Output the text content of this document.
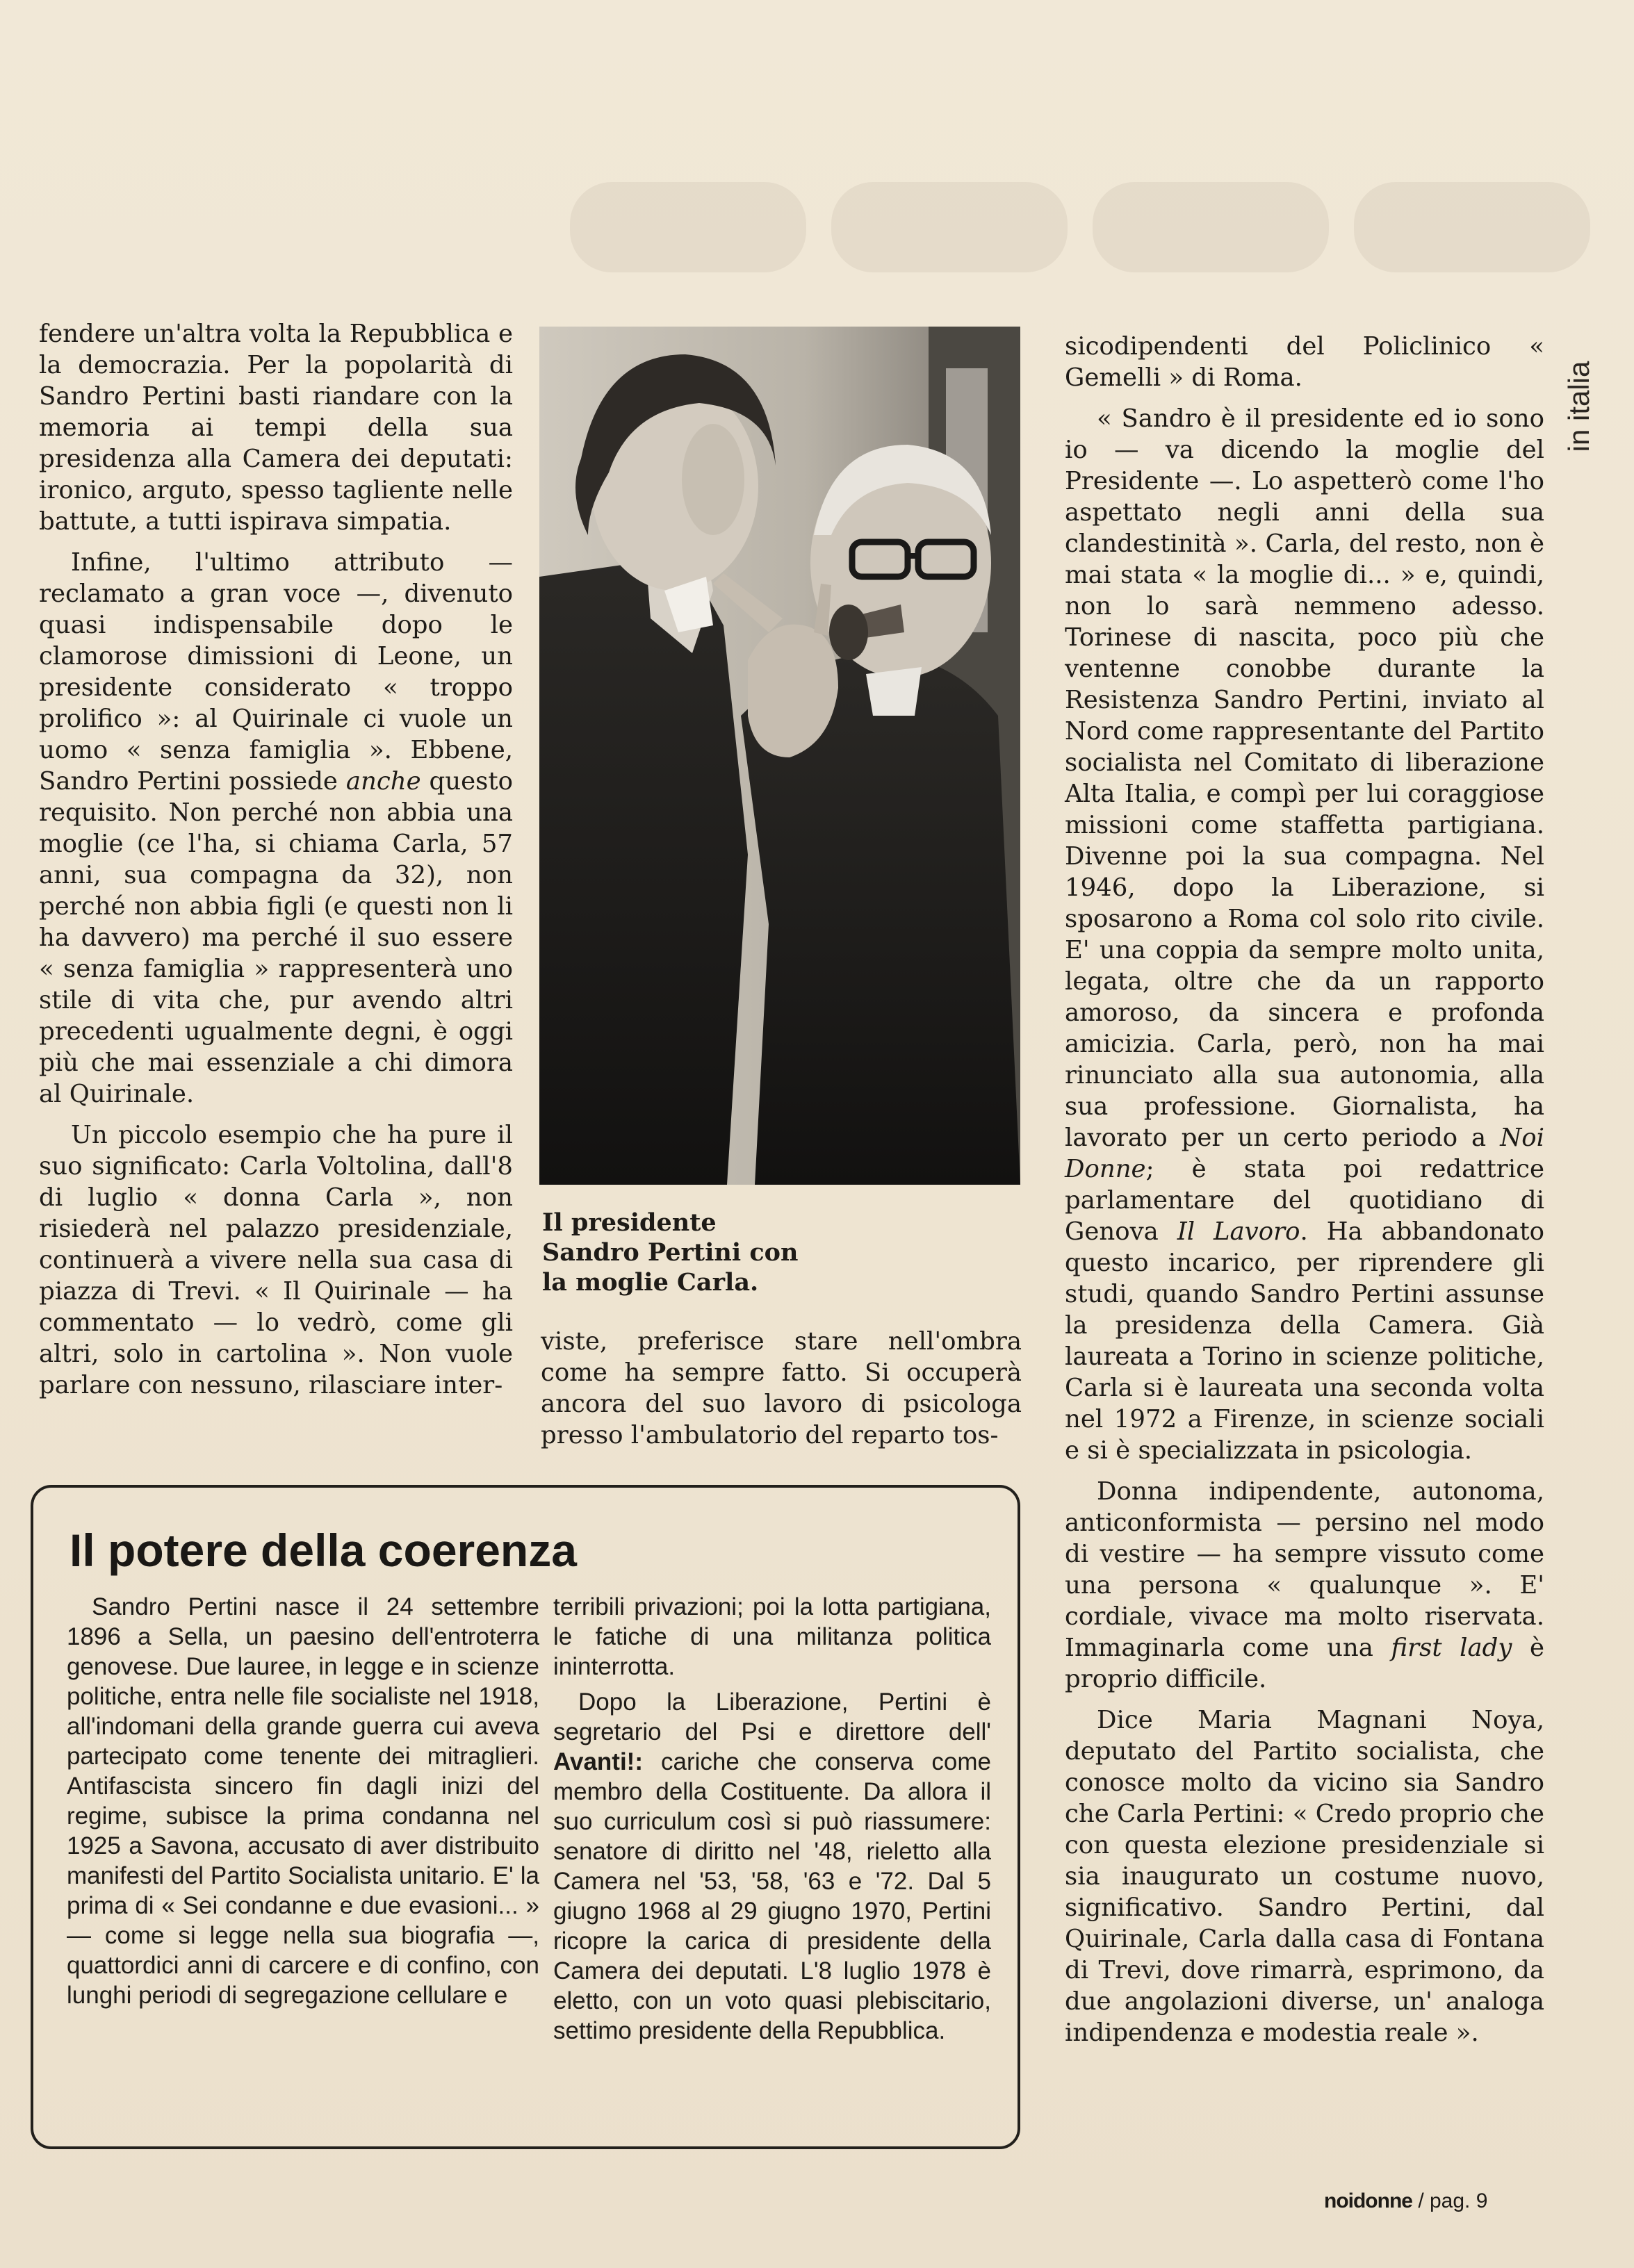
in italia

fendere un'altra volta la Repubblica e la democrazia. Per la popolarità di Sandro Pertini basti riandare con la memoria ai tempi della sua presidenza alla Camera dei deputati: ironico, arguto, spesso tagliente nelle battute, a tutti ispirava simpatia.

Infine, l'ultimo attributo — reclamato a gran voce —, divenuto quasi indispensabile dopo le clamorose dimissioni di Leone, un presidente considerato « troppo prolifico »: al Quirinale ci vuole un uomo « senza famiglia ». Ebbene, Sandro Pertini possiede anche questo requisito. Non perché non abbia una moglie (ce l'ha, si chiama Carla, 57 anni, sua compagna da 32), non perché non abbia figli (e questi non li ha davvero) ma perché il suo essere « senza famiglia » rappresenterà uno stile di vita che, pur avendo altri precedenti ugualmente degni, è oggi più che mai essenziale a chi dimora al Quirinale.

Un piccolo esempio che ha pure il suo significato: Carla Voltolina, dall'8 di luglio « donna Carla », non risiederà nel palazzo presidenziale, continuerà a vivere nella sua casa di piazza di Trevi. « Il Quirinale — ha commentato — lo vedrò, come gli altri, solo in cartolina ». Non vuole parlare con nessuno, rilasciare inter-

Il presidente
Sandro Pertini con
la moglie Carla.

viste, preferisce stare nell'ombra come ha sempre fatto. Si occuperà ancora del suo lavoro di psicologa presso l'ambulatorio del reparto tos-

sicodipendenti del Policlinico « Gemelli » di Roma.

« Sandro è il presidente ed io sono io — va dicendo la moglie del Presidente —. Lo aspetterò come l'ho aspettato negli anni della sua clandestinità ». Carla, del resto, non è mai stata « la moglie di... » e, quindi, non lo sarà nemmeno adesso. Torinese di nascita, poco più che ventenne conobbe durante la Resistenza Sandro Pertini, inviato al Nord come rappresentante del Partito socialista nel Comitato di liberazione Alta Italia, e compì per lui coraggiose missioni come staffetta partigiana. Divenne poi la sua compagna. Nel 1946, dopo la Liberazione, si sposarono a Roma col solo rito civile. E' una coppia da sempre molto unita, legata, oltre che da un rapporto amoroso, da sincera e profonda amicizia. Carla, però, non ha mai rinunciato alla sua autonomia, alla sua professione. Giornalista, ha lavorato per un certo periodo a Noi Donne; è stata poi redattrice parlamentare del quotidiano di Genova Il Lavoro. Ha abbandonato questo incarico, per riprendere gli studi, quando Sandro Pertini assunse la presidenza della Camera. Già laureata a Torino in scienze politiche, Carla si è laureata una seconda volta nel 1972 a Firenze, in scienze sociali e si è specializzata in psicologia.

Donna indipendente, autonoma, anticonformista — persino nel modo di vestire — ha sempre vissuto come una persona « qualunque ». E' cordiale, vivace ma molto riservata. Immaginarla come una first lady è proprio difficile.

Dice Maria Magnani Noya, deputato del Partito socialista, che conosce molto da vicino sia Sandro che Carla Pertini: « Credo proprio che con questa elezione presidenziale si sia inaugurato un costume nuovo, significativo. Sandro Pertini, dal Quirinale, Carla dalla casa di Fontana di Trevi, dove rimarrà, esprimono, da due angolazioni diverse, un' analoga indipendenza e modestia reale ».

Il potere della coerenza

Sandro Pertini nasce il 24 settembre 1896 a Sella, un paesino dell'entroterra genovese. Due lauree, in legge e in scienze politiche, entra nelle file socialiste nel 1918, all'indomani della grande guerra cui aveva partecipato come tenente dei mitraglieri. Antifascista sincero fin dagli inizi del regime, subisce la prima condanna nel 1925 a Savona, accusato di aver distribuito manifesti del Partito Socialista unitario. E' la prima di « Sei condanne e due evasioni... » — come si legge nella sua biografia —, quattordici anni di carcere e di confino, con lunghi periodi di segregazione cellulare e

terribili privazioni; poi la lotta partigiana, le fatiche di una militanza politica ininterrotta.

Dopo la Liberazione, Pertini è segretario del Psi e direttore dell' Avanti!: cariche che conserva come membro della Costituente. Da allora il suo curriculum così si può riassumere: senatore di diritto nel '48, rieletto alla Camera nel '53, '58, '63 e '72. Dal 5 giugno 1968 al 29 giugno 1970, Pertini ricopre la carica di presidente della Camera dei deputati. L'8 luglio 1978 è eletto, con un voto quasi plebiscitario, settimo presidente della Repubblica.

noidonne / pag. 9
